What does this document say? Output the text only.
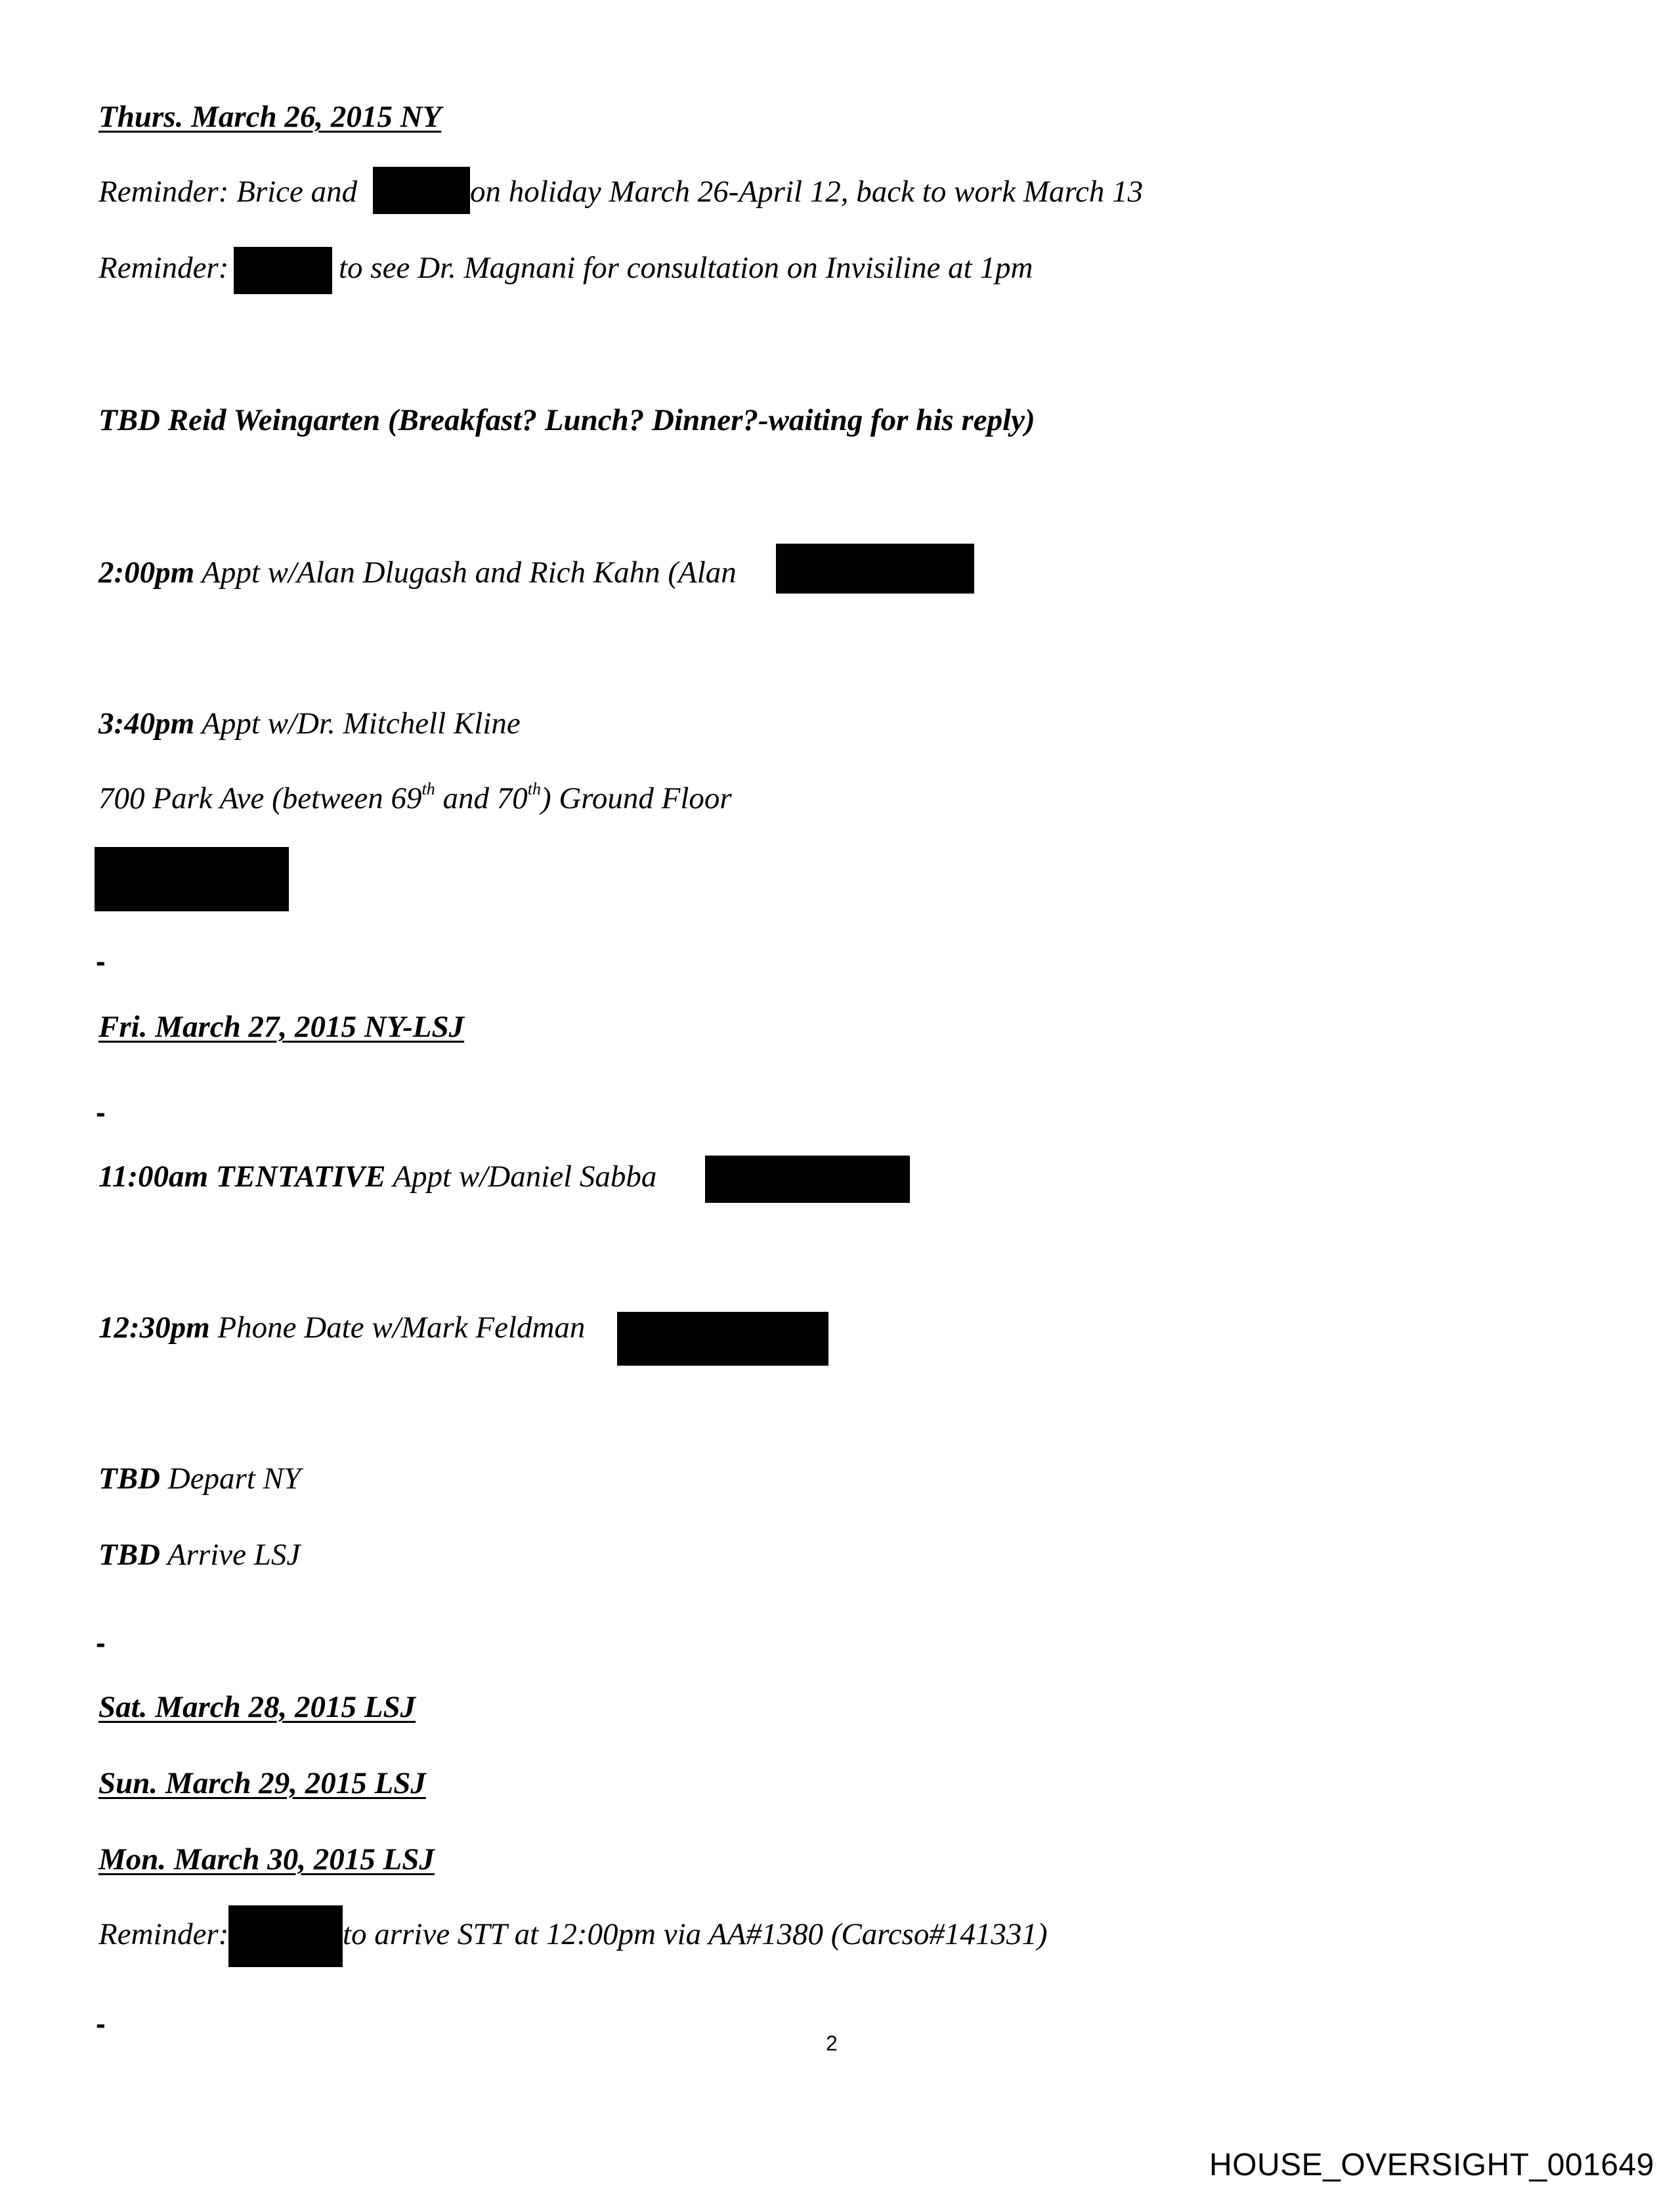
Thurs. March 26, 2015 NY
Reminder: Brice and	on holiday March 26-April 12, back to work March 13
Reminder:	to see Dr. Magnani for consultation on Invisiline at 1pm
TBD Reid Weingarten (Breakfast? Lunch? Dinner?-waiting for his reply)
2:00pm Appt w/Alan Dlugash and Rich Kahn (Alan
3:40pm Appt w/Dr. Mitchell Kline
700 Park Ave (between 69th and 70th) Ground Floor
-
Fri. March 27, 2015 NY-LSJ
-
11:00am TENTATIVE Appt w/Daniel Sabba
12:30pm Phone Date w/Mark Feldman
TBD Depart NY
TBD Arrive LSJ
-
Sat. March 28, 2015 LSJ
Sun. March 29, 2015 LSJ
Mon. March 30, 2015 LSJ
Reminder:	to arrive STT at 12:00pm via AA#1380 (Carcso#141331)
-
2
HOUSE_OVERSIGHT_001649
